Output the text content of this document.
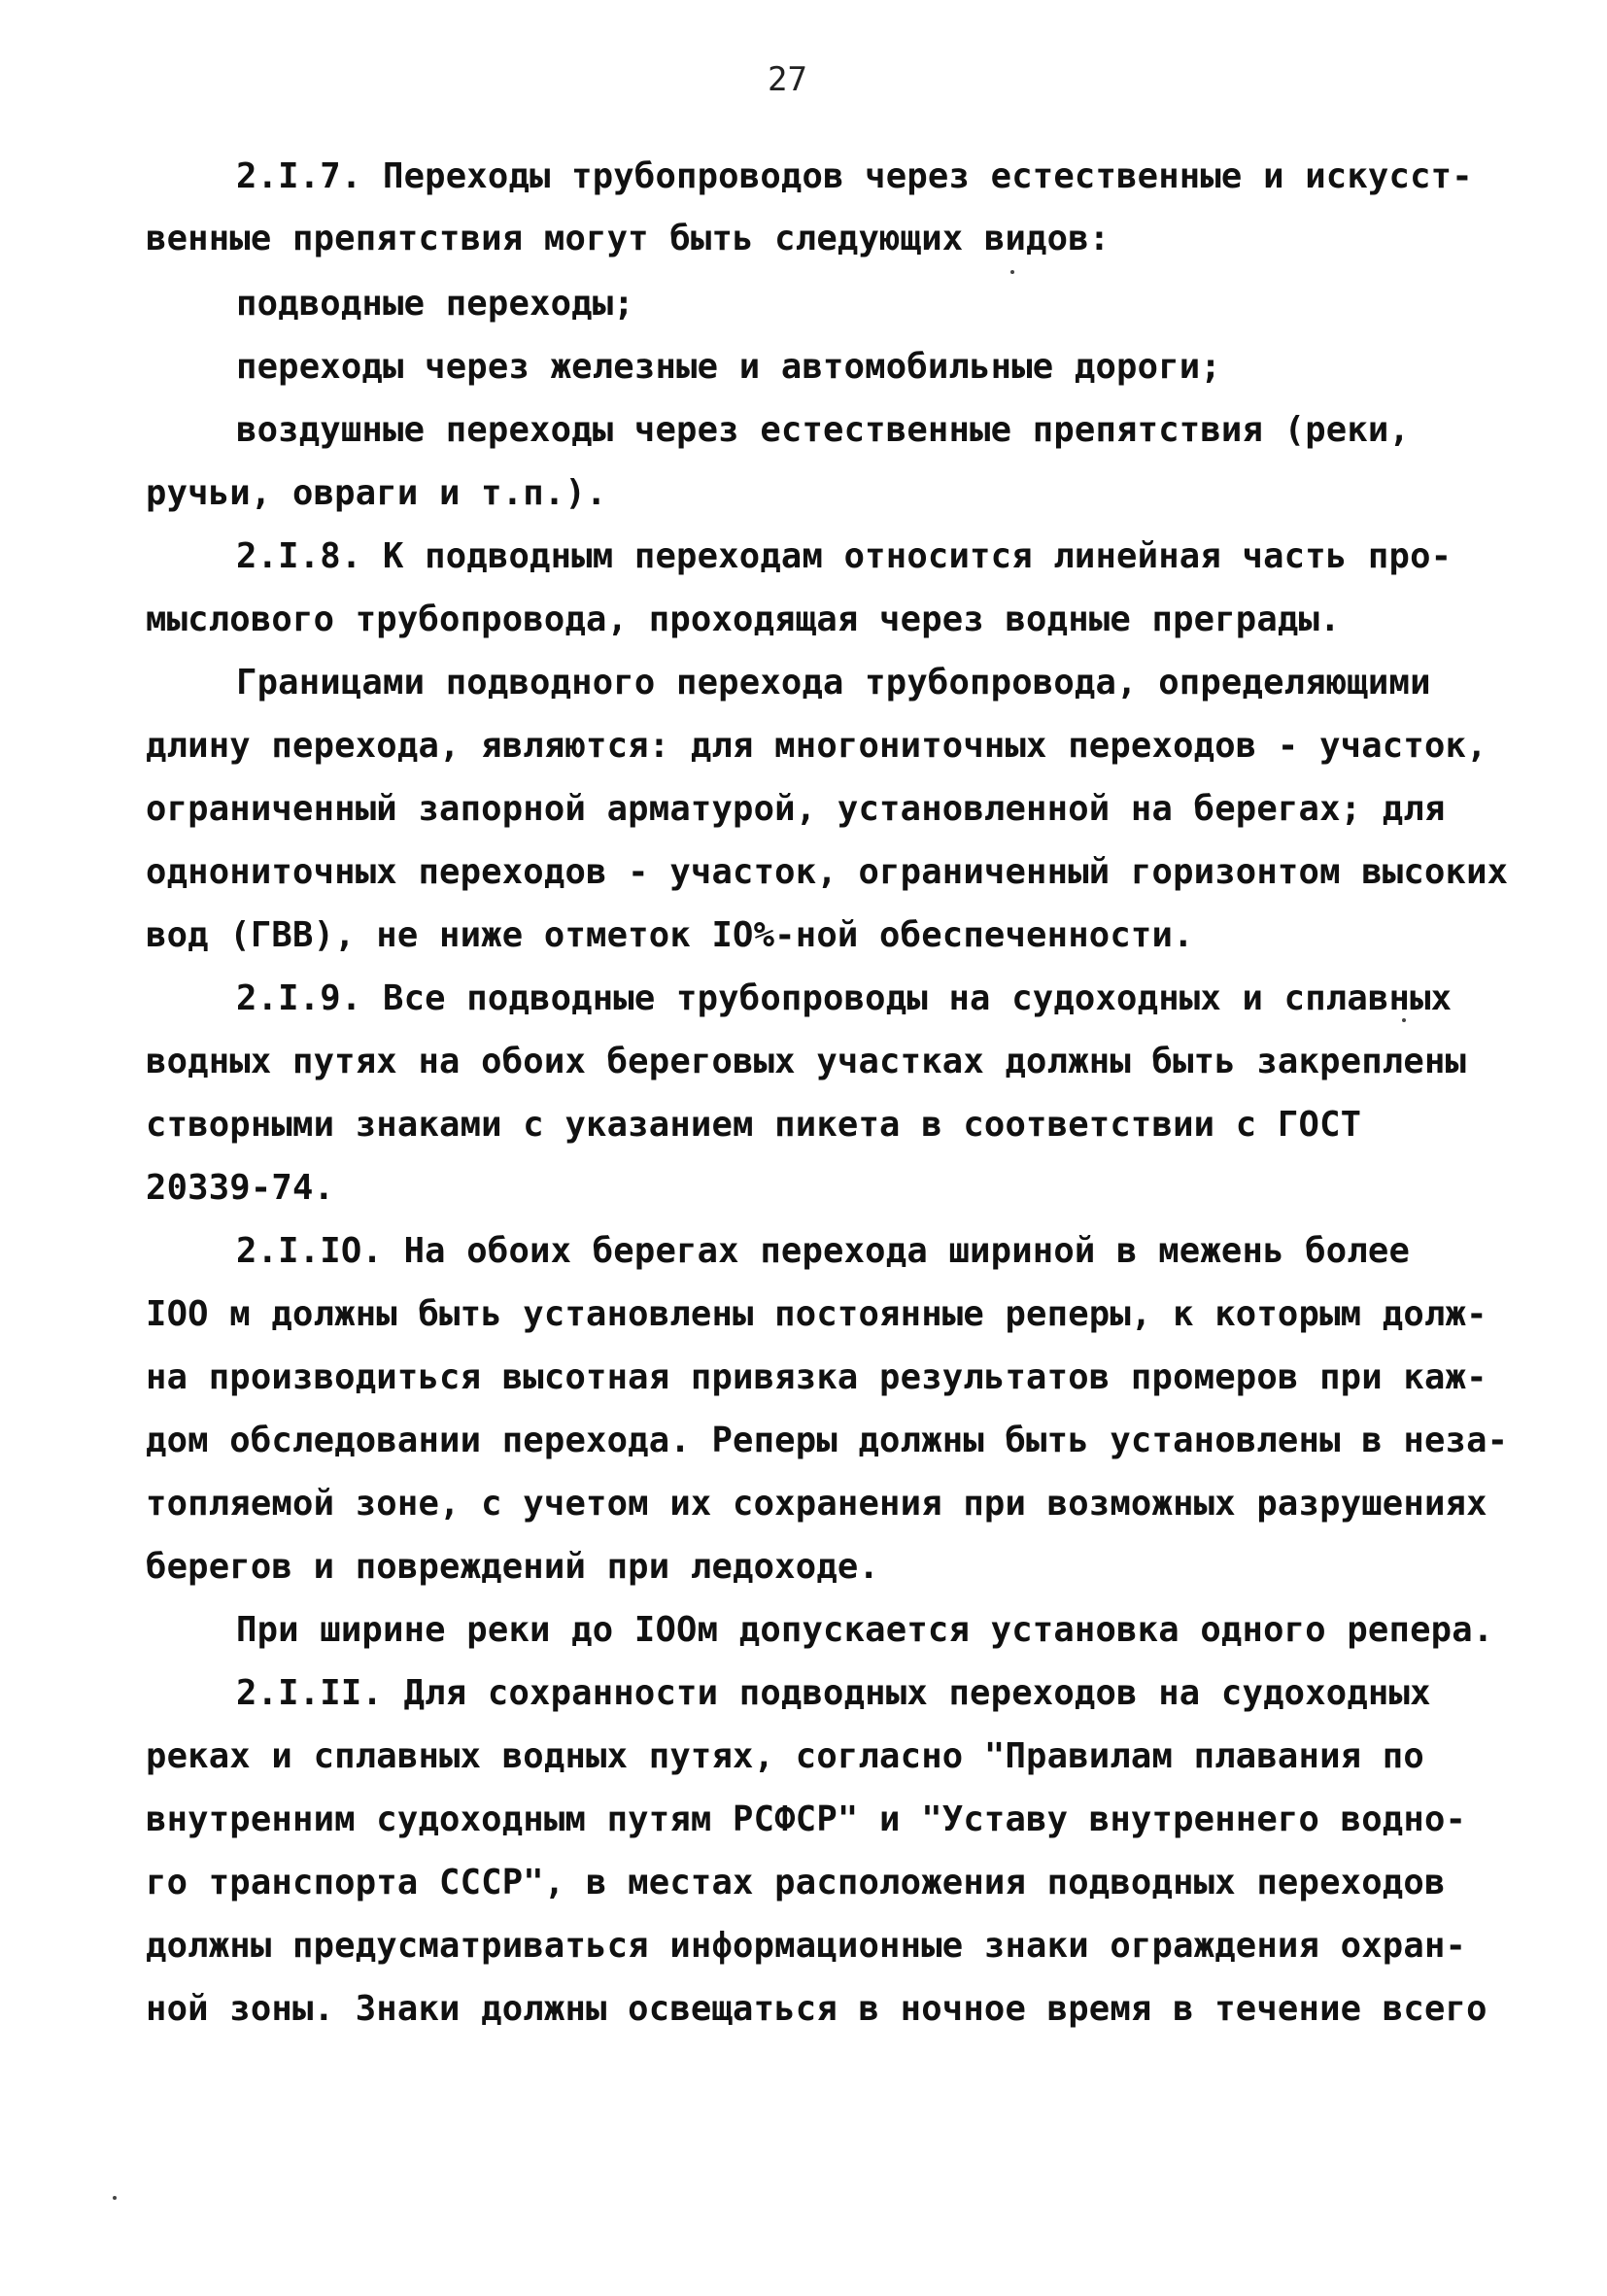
27
2.I.7. Переходы трубопроводов через естественные и искусст-
венные препятствия могут быть следующих видов:
подводные переходы;
переходы через железные и автомобильные дороги;
воздушные переходы через естественные препятствия (реки,
ручьи, овраги и т.п.).
2.I.8. К подводным переходам относится линейная часть про-
мыслового трубопровода, проходящая через водные преграды.
Границами подводного перехода трубопровода, определяющими
длину перехода, являются: для многониточных переходов - участок,
ограниченный запорной арматурой, установленной на берегах; для
однониточных переходов - участок, ограниченный горизонтом высоких
вод (ГВВ), не ниже отметок IO%-ной обеспеченности.
2.I.9. Все подводные трубопроводы на судоходных и сплавных
водных путях на обоих береговых участках должны быть закреплены
створными знаками с указанием пикета в соответствии с ГОСТ
20339-74.
2.I.IO. На обоих берегах перехода шириной в межень более
IOO м должны быть установлены постоянные реперы, к которым долж-
на производиться высотная привязка результатов промеров при каж-
дом обследовании перехода. Реперы должны быть установлены в неза-
топляемой зоне, с учетом их сохранения при возможных разрушениях
берегов и повреждений при ледоходе.
При ширине реки до IOOм допускается установка одного репера.
2.I.II. Для сохранности подводных переходов на судоходных
реках и сплавных водных путях, согласно "Правилам плавания по
внутренним судоходным путям РСФСР" и "Уставу внутреннего водно-
го транспорта СССР", в местах расположения подводных переходов
должны предусматриваться информационные знаки ограждения охран-
ной зоны. Знаки должны освещаться в ночное время в течение всего
